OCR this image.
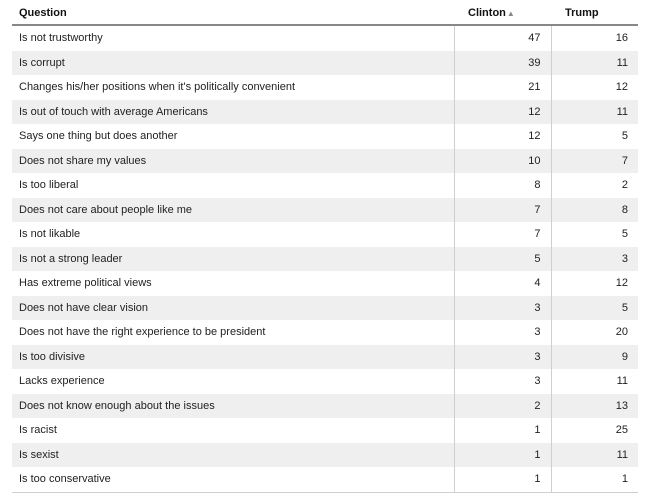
Question	Clinton▲	Trump
Is not trustworthy	47	16
Is corrupt	39	11
Changes his/her positions when it's politically convenient	21	12
Is out of touch with average Americans	12	11
Says one thing but does another	12	5
Does not share my values	10	7
Is too liberal	8	2
Does not care about people like me	7	8
Is not likable	7	5
Is not a strong leader	5	3
Has extreme political views	4	12
Does not have clear vision	3	5
Does not have the right experience to be president	3	20
Is too divisive	3	9
Lacks experience	3	11
Does not know enough about the issues	2	13
Is racist	1	25
Is sexist	1	11
Is too conservative	1	1
